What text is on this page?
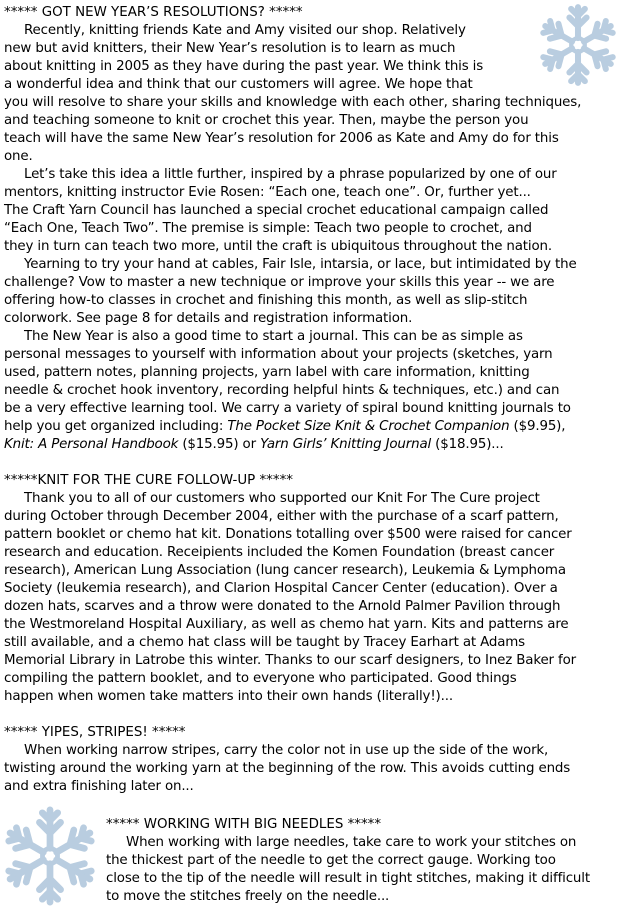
***** GOT NEW YEAR’S RESOLUTIONS? *****
Recently, knitting friends Kate and Amy visited our shop. Relatively
new but avid knitters, their New Year’s resolution is to learn as much
about knitting in 2005 as they have during the past year. We think this is
a wonderful idea and think that our customers will agree. We hope that
you will resolve to share your skills and knowledge with each other, sharing techniques,
and teaching someone to knit or crochet this year. Then, maybe the person you
teach will have the same New Year’s resolution for 2006 as Kate and Amy do for this
one.
Let’s take this idea a little further, inspired by a phrase popularized by one of our
mentors, knitting instructor Evie Rosen: “Each one, teach one”. Or, further yet...
The Craft Yarn Council has launched a special crochet educational campaign called
“Each One, Teach Two”. The premise is simple: Teach two people to crochet, and
they in turn can teach two more, until the craft is ubiquitous throughout the nation.
Yearning to try your hand at cables, Fair Isle, intarsia, or lace, but intimidated by the
challenge? Vow to master a new technique or improve your skills this year -- we are
offering how-to classes in crochet and finishing this month, as well as slip-stitch
colorwork. See page 8 for details and registration information.
The New Year is also a good time to start a journal. This can be as simple as
personal messages to yourself with information about your projects (sketches, yarn
used, pattern notes, planning projects, yarn label with care information, knitting
needle & crochet hook inventory, recording helpful hints & techniques, etc.) and can
be a very effective learning tool. We carry a variety of spiral bound knitting journals to
help you get organized including: The Pocket Size Knit & Crochet Companion ($9.95),
Knit: A Personal Handbook ($15.95) or Yarn Girls’ Knitting Journal ($18.95)...
*****KNIT FOR THE CURE FOLLOW-UP *****
Thank you to all of our customers who supported our Knit For The Cure project
during October through December 2004, either with the purchase of a scarf pattern,
pattern booklet or chemo hat kit. Donations totalling over $500 were raised for cancer
research and education. Receipients included the Komen Foundation (breast cancer
research), American Lung Association (lung cancer research), Leukemia & Lymphoma
Society (leukemia research), and Clarion Hospital Cancer Center (education). Over a
dozen hats, scarves and a throw were donated to the Arnold Palmer Pavilion through
the Westmoreland Hospital Auxiliary, as well as chemo hat yarn. Kits and patterns are
still available, and a chemo hat class will be taught by Tracey Earhart at Adams
Memorial Library in Latrobe this winter. Thanks to our scarf designers, to Inez Baker for
compiling the pattern booklet, and to everyone who participated. Good things
happen when women take matters into their own hands (literally!)...
***** YIPES, STRIPES! *****
When working narrow stripes, carry the color not in use up the side of the work,
twisting around the working yarn at the beginning of the row. This avoids cutting ends
and extra finishing later on...
***** WORKING WITH BIG NEEDLES *****
When working with large needles, take care to work your stitches on
the thickest part of the needle to get the correct gauge. Working too
close to the tip of the needle will result in tight stitches, making it difficult
to move the stitches freely on the needle...
